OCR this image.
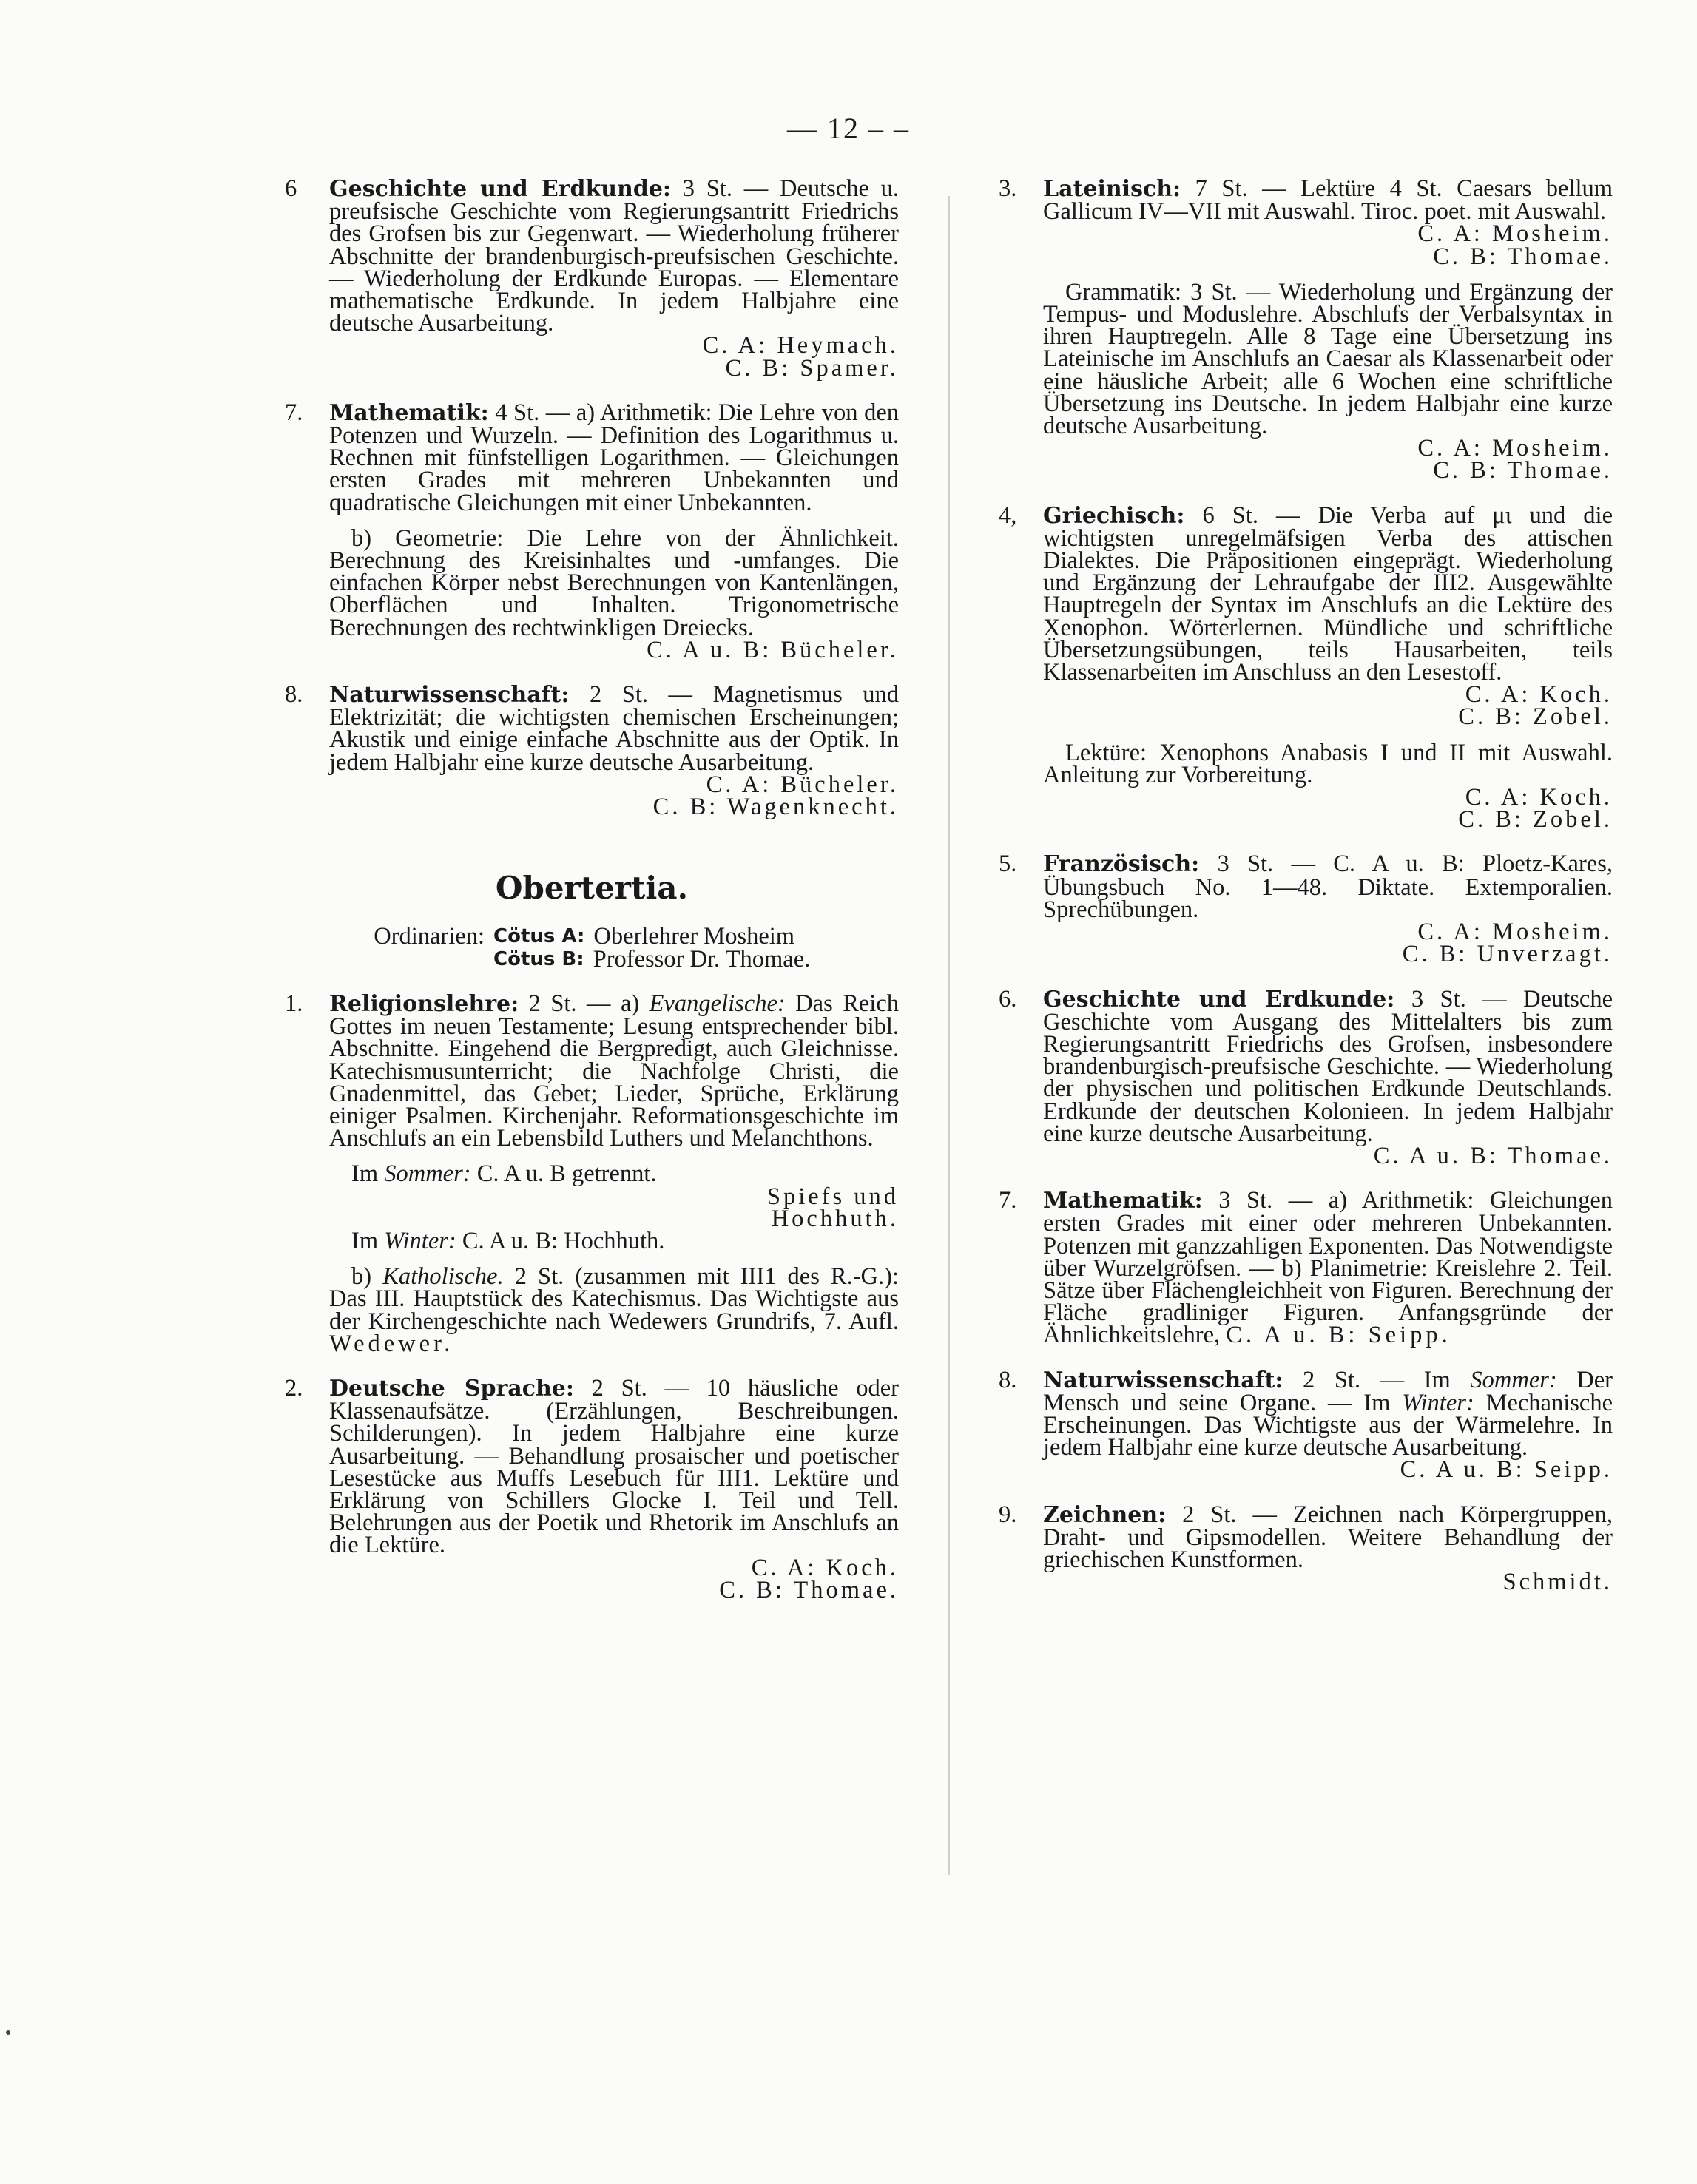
— 12 – –
6 Geschichte und Erdkunde: 3 St. — Deutsche u. preufsische Geschichte vom Regierungsantritt Friedrichs des Grofsen bis zur Gegenwart. — Wiederholung früherer Abschnitte der brandenburgisch-preufsischen Geschichte. — Wiederholung der Erdkunde Europas. — Elementare mathematische Erdkunde. In jedem Halbjahre eine deutsche Ausarbeitung.
C. A: Heymach.
C. B: Spamer.
7. Mathematik: 4 St. — a) Arithmetik: Die Lehre von den Potenzen und Wurzeln. — Definition des Logarithmus u. Rechnen mit fünfstelligen Logarithmen. — Gleichungen ersten Grades mit mehreren Unbekannten und quadratische Gleichungen mit einer Unbekannten.
b) Geometrie: Die Lehre von der Ähnlichkeit. Berechnung des Kreisinhaltes und -umfanges. Die einfachen Körper nebst Berechnungen von Kantenlängen, Oberflächen und Inhalten. Trigonometrische Berechnungen des rechtwinkligen Dreiecks.
C. A u. B: Bücheler.
8. Naturwissenschaft: 2 St. — Magnetismus und Elektrizität; die wichtigsten chemischen Erscheinungen; Akustik und einige einfache Abschnitte aus der Optik. In jedem Halbjahr eine kurze deutsche Ausarbeitung.
C. A: Bücheler.
C. B: Wagenknecht.
Obertertia.
Ordinarien: Cötus A: Oberlehrer Mosheim
Cötus B: Professor Dr. Thomae.
1. Religionslehre: 2 St. — a) Evangelische: Das Reich Gottes im neuen Testamente; Lesung entsprechender bibl. Abschnitte. Eingehend die Bergpredigt, auch Gleichnisse. Katechismusunterricht; die Nachfolge Christi, die Gnadenmittel, das Gebet; Lieder, Sprüche, Erklärung einiger Psalmen. Kirchenjahr. Reformationsgeschichte im Anschlufs an ein Lebensbild Luthers und Melanchthons.
Im Sommer: C. A u. B getrennt.
Spiefs und
Hochhuth.
Im Winter: C. A u. B: Hochhuth.
b) Katholische. 2 St. (zusammen mit III1 des R.-G.): Das III. Hauptstück des Katechismus. Das Wichtigste aus der Kirchengeschichte nach Wedewers Grundrifs, 7. Aufl. Wedewer.
2. Deutsche Sprache: 2 St. — 10 häusliche oder Klassenaufsätze. (Erzählungen, Beschreibungen. Schilderungen). In jedem Halbjahre eine kurze Ausarbeitung. — Behandlung prosaischer und poetischer Lesestücke aus Muffs Lesebuch für III1. Lektüre und Erklärung von Schillers Glocke I. Teil und Tell. Belehrungen aus der Poetik und Rhetorik im Anschlufs an die Lektüre.
C. A: Koch.
C. B: Thomae.
3. Lateinisch: 7 St. — Lektüre 4 St. Caesars bellum Gallicum IV—VII mit Auswahl. Tiroc. poet. mit Auswahl.
C. A: Mosheim.
C. B: Thomae.
Grammatik: 3 St. — Wiederholung und Ergänzung der Tempus- und Moduslehre. Abschlufs der Verbalsyntax in ihren Hauptregeln. Alle 8 Tage eine Übersetzung ins Lateinische im Anschlufs an Caesar als Klassenarbeit oder eine häusliche Arbeit; alle 6 Wochen eine schriftliche Übersetzung ins Deutsche. In jedem Halbjahr eine kurze deutsche Ausarbeitung.
C. A: Mosheim.
C. B: Thomae.
4, Griechisch: 6 St. — Die Verba auf μι und die wichtigsten unregelmäfsigen Verba des attischen Dialektes. Die Präpositionen eingeprägt. Wiederholung und Ergänzung der Lehraufgabe der III2. Ausgewählte Hauptregeln der Syntax im Anschlufs an die Lektüre des Xenophon. Wörterlernen. Mündliche und schriftliche Übersetzungsübungen, teils Hausarbeiten, teils Klassenarbeiten im Anschluss an den Lesestoff.
C. A: Koch.
C. B: Zobel.
Lektüre: Xenophons Anabasis I und II mit Auswahl. Anleitung zur Vorbereitung.
C. A: Koch.
C. B: Zobel.
5. Französisch: 3 St. — C. A u. B: Ploetz-Kares, Übungsbuch No. 1—48. Diktate. Extemporalien. Sprechübungen.
C. A: Mosheim.
C. B: Unverzagt.
6. Geschichte und Erdkunde: 3 St. — Deutsche Geschichte vom Ausgang des Mittelalters bis zum Regierungsantritt Friedrichs des Grofsen, insbesondere brandenburgisch-preufsische Geschichte. — Wiederholung der physischen und politischen Erdkunde Deutschlands. Erdkunde der deutschen Kolonieen. In jedem Halbjahr eine kurze deutsche Ausarbeitung.
C. A u. B: Thomae.
7. Mathematik: 3 St. — a) Arithmetik: Gleichungen ersten Grades mit einer oder mehreren Unbekannten. Potenzen mit ganzzahligen Exponenten. Das Notwendigste über Wurzelgröfsen. — b) Planimetrie: Kreislehre 2. Teil. Sätze über Flächengleichheit von Figuren. Berechnung der Fläche gradliniger Figuren. Anfangsgründe der Ähnlichkeitslehre, C. A u. B: Seipp.
8. Naturwissenschaft: 2 St. — Im Sommer: Der Mensch und seine Organe. — Im Winter: Mechanische Erscheinungen. Das Wichtigste aus der Wärmelehre. In jedem Halbjahr eine kurze deutsche Ausarbeitung.
C. A u. B: Seipp.
9. Zeichnen: 2 St. — Zeichnen nach Körpergruppen, Draht- und Gipsmodellen. Weitere Behandlung der griechischen Kunstformen.
Schmidt.
